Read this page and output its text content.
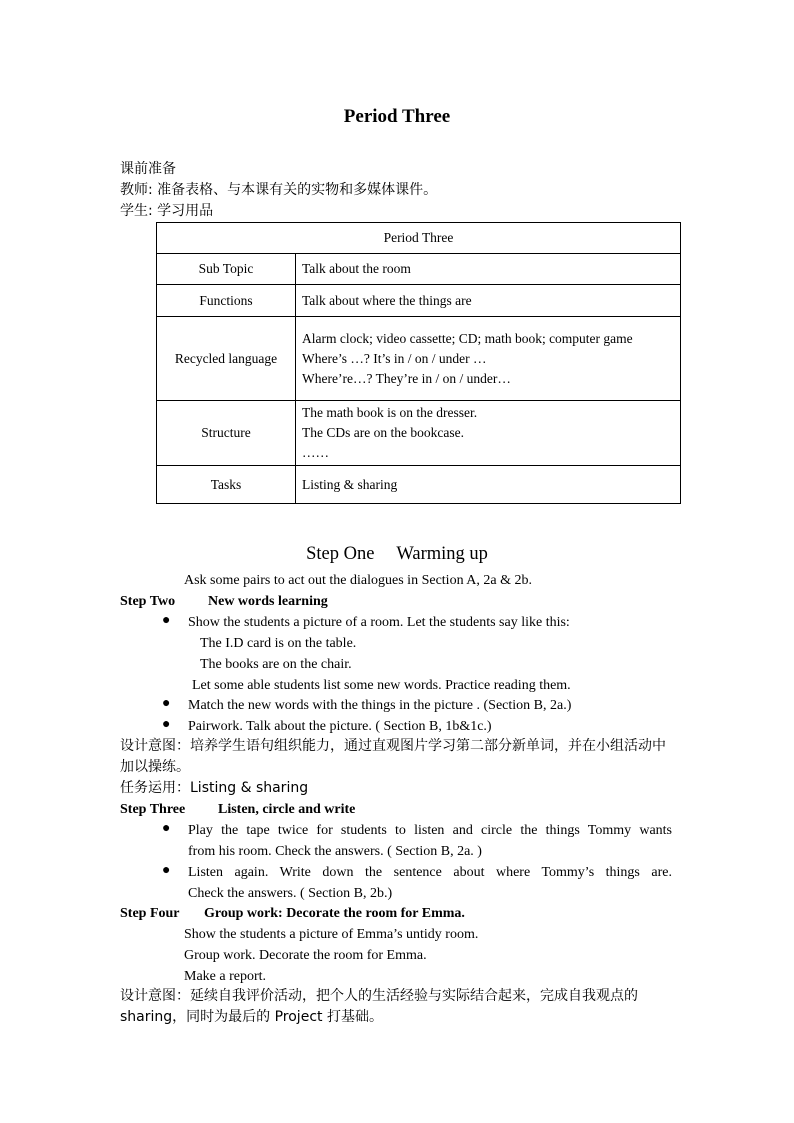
Period Three
课前准备
教师: 准备表格、与本课有关的实物和多媒体课件。
学生: 学习用品
Period Three	
Sub Topic	Talk about the room

Functions	Talk about where the things are

Recycled language	Alarm clock; video cassette; CD; math book; computer game
Where’s …? It’s in / on / under …
Where’re…? They’re in / on / under…

Structure	The math book is on the dresser.
The CDs are on the bookcase.
……

Tasks	Listing & sharing
Step One Warming up
Ask some pairs to act out the dialogues in Section A, 2a & 2b.
Step Two New words learning
● Show the students a picture of a room. Let the students say like this:
The I.D card is on the table.
The books are on the chair.
Let some able students list some new words. Practice reading them.
● Match the new words with the things in the picture . (Section B, 2a.)
● Pairwork. Talk about the picture. ( Section B, 1b&1c.)
设计意图：培养学生语句组织能力，通过直观图片学习第二部分新单词，并在小组活动中
加以操练。
任务运用：Listing & sharing
Step Three Listen, circle and write
● Play the tape twice for students to listen and circle the things Tommy wants
from his room. Check the answers. ( Section B, 2a. )
● Listen again. Write down the sentence about where Tommy’s things are.
Check the answers. ( Section B, 2b.)
Step Four Group work: Decorate the room for Emma.
Show the students a picture of Emma’s untidy room.
Group work. Decorate the room for Emma.
Make a report.
设计意图：延续自我评价活动，把个人的生活经验与实际结合起来，完成自我观点的
sharing，同时为最后的 Project 打基础。
